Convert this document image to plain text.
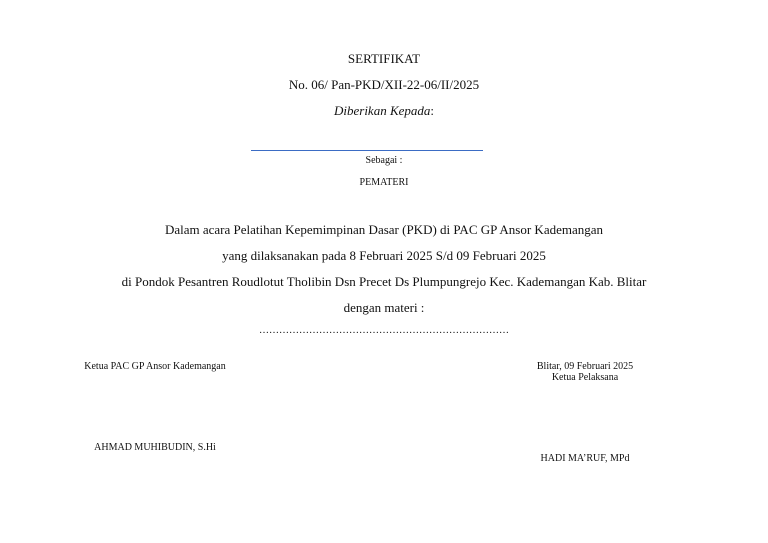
SERTIFIKAT
No. 06/ Pan-PKD/XII-22-06/II/2025
Diberikan Kepada:
Sebagai :
PEMATERI
Dalam acara Pelatihan Kepemimpinan Dasar (PKD) di PAC GP Ansor Kademangan
yang dilaksanakan pada 8 Februari 2025 S/d 09 Februari 2025
di Pondok Pesantren Roudlotut Tholibin Dsn Precet Ds Plumpungrejo Kec. Kademangan Kab. Blitar
dengan materi :
…………………………………………………………………
Ketua PAC GP Ansor Kademangan
AHMAD MUHIBUDIN, S.Hi
Blitar, 09 Februari 2025
Ketua Pelaksana
HADI MA’RUF, MPd
